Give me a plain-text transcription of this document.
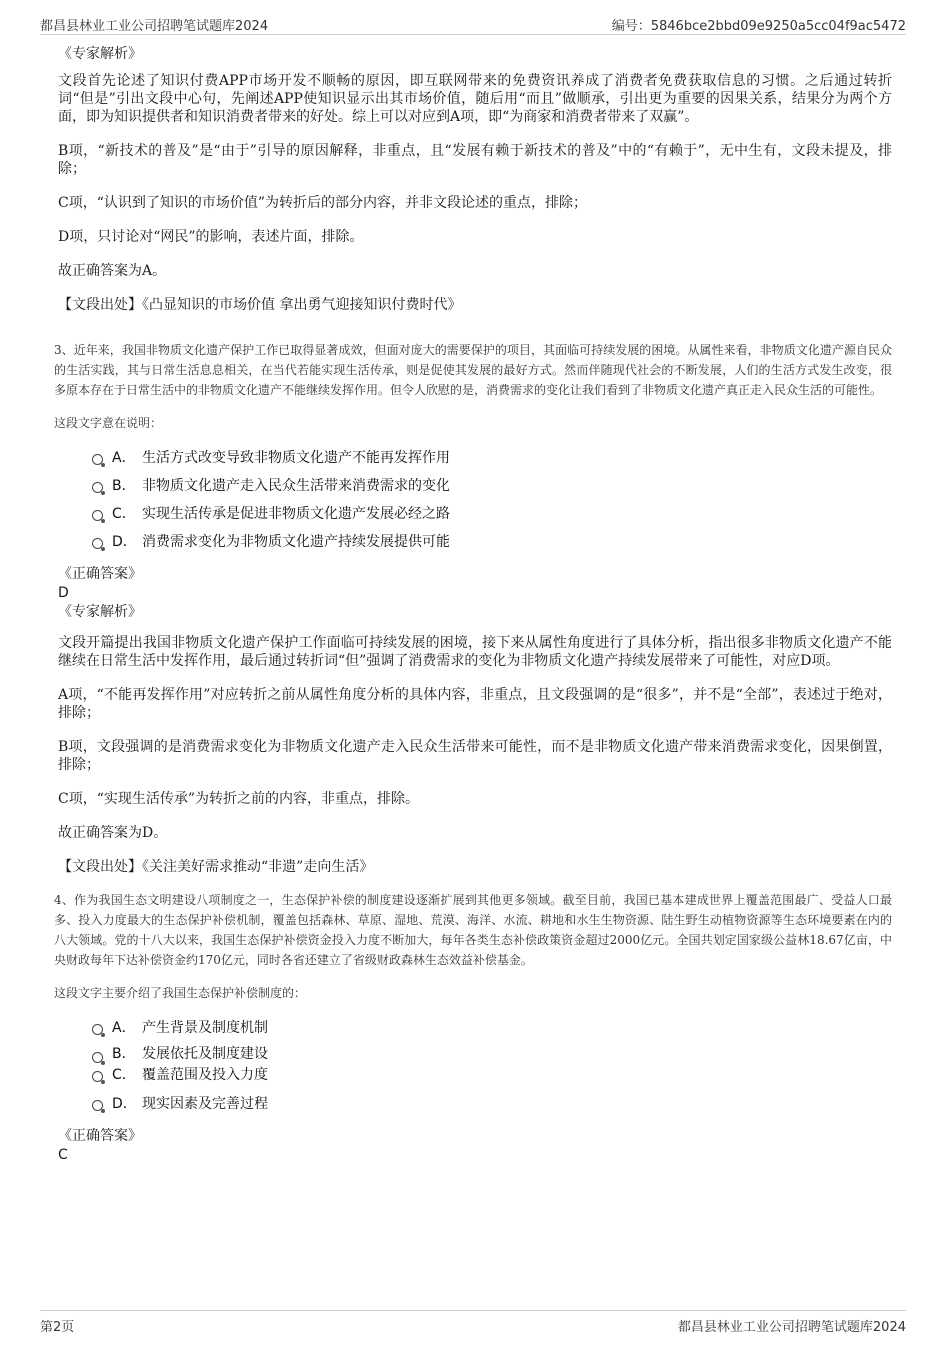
都昌县林业工业公司招聘笔试题库2024	编号：5846bce2bbd09e9250a5cc04f9ac5472

《专家解析》

文段首先论述了知识付费APP市场开发不顺畅的原因，即互联网带来的免费资讯养成了消费者免费获取信息的习惯。之后通过转折词“但是”引出文段中心句，先阐述APP使知识显示出其市场价值，随后用“而且”做顺承，引出更为重要的因果关系，结果分为两个方面，即为知识提供者和知识消费者带来的好处。综上可以对应到A项，即“为商家和消费者带来了双赢”。

B项，“新技术的普及”是“由于”引导的原因解释，非重点，且“发展有赖于新技术的普及”中的“有赖于”，无中生有，文段未提及，排除；

C项，“认识到了知识的市场价值”为转折后的部分内容，并非文段论述的重点，排除；

D项，只讨论对“网民”的影响，表述片面，排除。

故正确答案为A。

【文段出处】《凸显知识的市场价值 拿出勇气迎接知识付费时代》

3、近年来，我国非物质文化遗产保护工作已取得显著成效，但面对庞大的需要保护的项目，其面临可持续发展的困境。从属性来看，非物质文化遗产源自民众的生活实践，其与日常生活息息相关，在当代若能实现生活传承，则是促使其发展的最好方式。然而伴随现代社会的不断发展，人们的生活方式发生改变，很多原本存在于日常生活中的非物质文化遗产不能继续发挥作用。但令人欣慰的是，消费需求的变化让我们看到了非物质文化遗产真正走入民众生活的可能性。

这段文字意在说明：

A． 生活方式改变导致非物质文化遗产不能再发挥作用
B． 非物质文化遗产走入民众生活带来消费需求的变化
C． 实现生活传承是促进非物质文化遗产发展必经之路
D． 消费需求变化为非物质文化遗产持续发展提供可能

《正确答案》

D

《专家解析》

文段开篇提出我国非物质文化遗产保护工作面临可持续发展的困境，接下来从属性角度进行了具体分析，指出很多非物质文化遗产不能继续在日常生活中发挥作用，最后通过转折词“但”强调了消费需求的变化为非物质文化遗产持续发展带来了可能性，对应D项。

A项，“不能再发挥作用”对应转折之前从属性角度分析的具体内容，非重点，且文段强调的是“很多”，并不是“全部”，表述过于绝对，排除；

B项，文段强调的是消费需求变化为非物质文化遗产走入民众生活带来可能性，而不是非物质文化遗产带来消费需求变化，因果倒置，排除；

C项，“实现生活传承”为转折之前的内容，非重点，排除。

故正确答案为D。

【文段出处】《关注美好需求推动“非遗”走向生活》

4、作为我国生态文明建设八项制度之一，生态保护补偿的制度建设逐渐扩展到其他更多领域。截至目前，我国已基本建成世界上覆盖范围最广、受益人口最多、投入力度最大的生态保护补偿机制，覆盖包括森林、草原、湿地、荒漠、海洋、水流、耕地和水生生物资源、陆生野生动植物资源等生态环境要素在内的八大领域。党的十八大以来，我国生态保护补偿资金投入力度不断加大，每年各类生态补偿政策资金超过2000亿元。全国共划定国家级公益林18.67亿亩，中央财政每年下达补偿资金约170亿元，同时各省还建立了省级财政森林生态效益补偿基金。

这段文字主要介绍了我国生态保护补偿制度的：

A． 产生背景及制度机制
B． 发展依托及制度建设
C． 覆盖范围及投入力度
D． 现实因素及完善过程

《正确答案》

C

第2页	都昌县林业工业公司招聘笔试题库2024
